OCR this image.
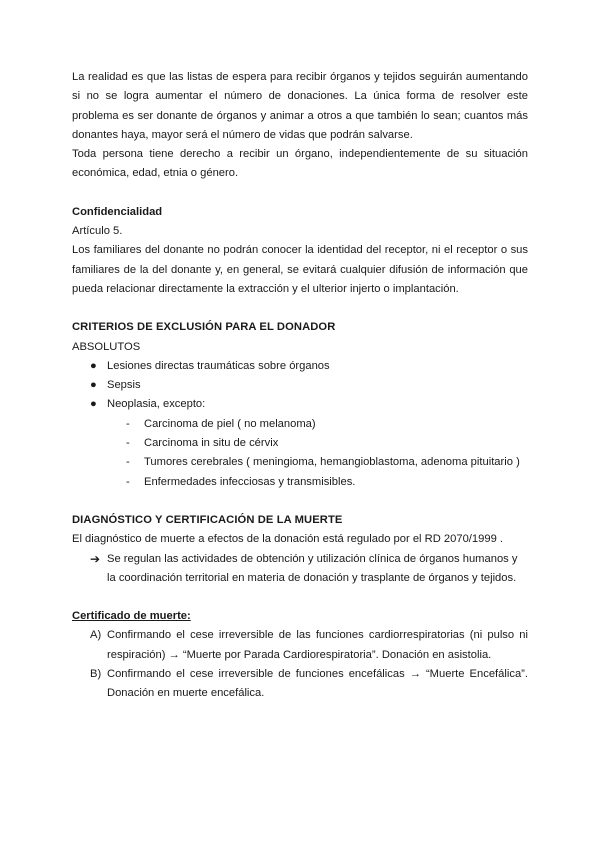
La realidad es que las listas de espera para recibir órganos y tejidos seguirán aumentando si no se logra aumentar el número de donaciones. La única forma de resolver este problema es ser donante de órganos y animar a otros a que también lo sean; cuantos más donantes haya, mayor será el número de vidas que podrán salvarse.

Toda persona tiene derecho a recibir un órgano, independientemente de su situación económica, edad, etnia o género.

Confidencialidad

Artículo 5.

Los familiares del donante no podrán conocer la identidad del receptor, ni el receptor o sus familiares de la del donante y, en general, se evitará cualquier difusión de información que pueda relacionar directamente la extracción y el ulterior injerto o implantación.

CRITERIOS DE EXCLUSIÓN PARA EL DONADOR

ABSOLUTOS

● Lesiones directas traumáticas sobre órganos
● Sepsis
● Neoplasia, excepto:
- Carcinoma de piel ( no melanoma)
- Carcinoma in situ de cérvix
- Tumores cerebrales ( meningioma, hemangioblastoma, adenoma pituitario )
- Enfermedades infecciosas y transmisibles.

DIAGNÓSTICO Y CERTIFICACIÓN DE LA MUERTE

El diagnóstico de muerte a efectos de la donación está regulado por el RD 2070/1999 .

➔ Se regulan las actividades de obtención y utilización clínica de órganos humanos y la coordinación territorial en materia de donación y trasplante de órganos y tejidos.

Certificado de muerte:

A) Confirmando el cese irreversible de las funciones cardiorrespiratorias (ni pulso ni respiración) → “Muerte por Parada Cardiorespiratoria”. Donación en asistolia.
B) Confirmando el cese irreversible de funciones encefálicas → “Muerte Encefálica”. Donación en muerte encefálica.
